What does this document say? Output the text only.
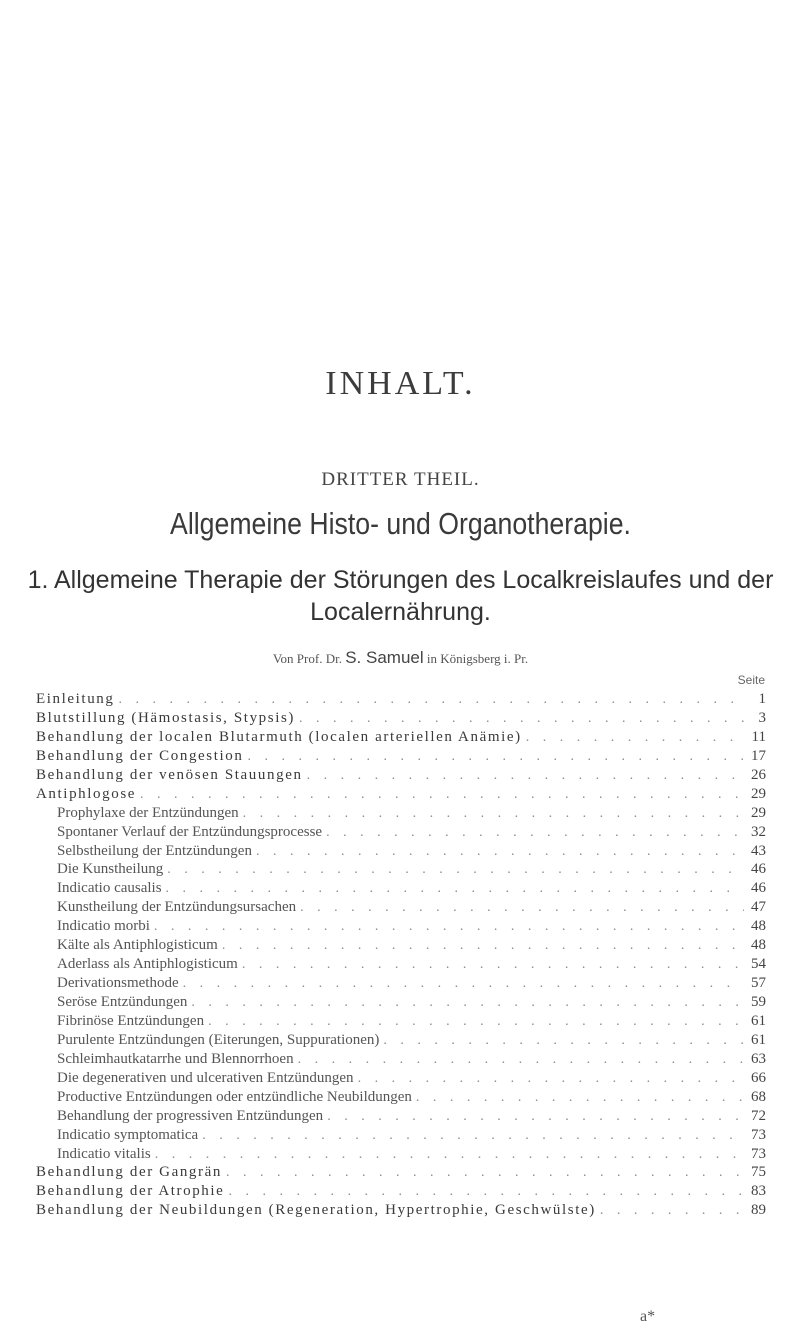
INHALT.
DRITTER THEIL.
Allgemeine Histo- und Organotherapie.
1. Allgemeine Therapie der Störungen des Localkreislaufes und der
Localernährung.
Von Prof. Dr. S. Samuel in Königsberg i. Pr.
Seite
Einleitung . . .	1
Blutstillung (Hämostasis, Stypsis) . . .	3
Behandlung der localen Blutarmuth (localen arteriellen Anämie) . . .	11
Behandlung der Congestion . . .	17
Behandlung der venösen Stauungen . . .	26
Antiphlogose . . .	29
Prophylaxe der Entzündungen . . .	29
Spontaner Verlauf der Entzündungsprocesse . . .	32
Selbstheilung der Entzündungen . . .	43
Die Kunstheilung . . .	46
Indicatio causalis . . .	46
Kunstheilung der Entzündungsursachen . . .	47
Indicatio morbi . . .	48
Kälte als Antiphlogisticum . . .	48
Aderlass als Antiphlogisticum . . .	54
Derivationsmethode . . .	57
Seröse Entzündungen . . .	59
Fibrinöse Entzündungen . . .	61
Purulente Entzündungen (Eiterungen, Suppurationen) . . .	61
Schleimhautkatarrhe und Blennorrhoen . . .	63
Die degenerativen und ulcerativen Entzündungen . . .	66
Productive Entzündungen oder entzündliche Neubildungen . . .	68
Behandlung der progressiven Entzündungen . . .	72
Indicatio symptomatica . . .	73
Indicatio vitalis . . .	73
Behandlung der Gangrän . . .	75
Behandlung der Atrophie . . .	83
Behandlung der Neubildungen (Regeneration, Hypertrophie, Geschwülste) . . .	89
a*
